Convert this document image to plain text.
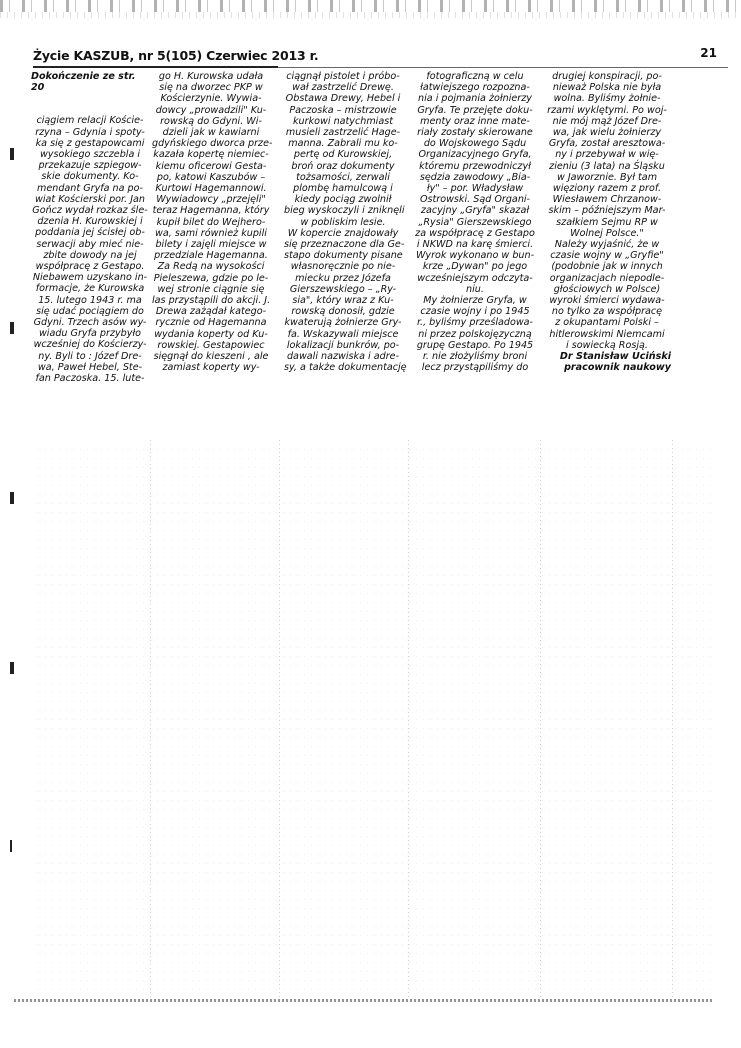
Życie KASZUB, nr 5(105) Czerwiec 2013 r.	21
Dokończenie ze str. 20
ciągiem relacji Koście-
rzyna – Gdynia i spoty-
ka się z gestapowcami
wysokiego szczebla i
przekazuje szpiegow-
skie dokumenty. Ko-
mendant Gryfa na po-
wiat Kościerski por. Jan
Gończ wydał rozkaz śle-
dzenia H. Kurowskiej i
poddania jej ścisłej ob-
serwacji aby mieć nie-
zbite dowody na jej
współpracę z Gestapo.
Niebawem uzyskano in-
formacje, że Kurowska
15. lutego 1943 r. ma
się udać pociągiem do
Gdyni. Trzech asów wy-
wiadu Gryfa przybyło
wcześniej do Kościerzy-
ny. Byli to : Józef Dre-
wa, Paweł Hebel, Ste-
fan Paczoska. 15. lute-
go H. Kurowska udała
się na dworzec PKP w
Kościerzynie. Wywia-
dowcy „prowadzili" Ku-
rowską do Gdyni. Wi-
dzieli jak w kawiarni
gdyńskiego dworca prze-
kazała kopertę niemiec-
kiemu oficerowi Gesta-
po, katowi Kaszubów –
Kurtowi Hagemannowi.
Wywiadowcy „przejęli"
teraz Hagemanna, który
kupił bilet do Wejhero-
wa, sami również kupili
bilety i zajęli miejsce w
przedziale Hagemanna.
Za Redą na wysokości
Pieleszewa, gdzie po le-
wej stronie ciągnie się
las przystąpili do akcji. J.
Drewa zażądał katego-
rycznie od Hagemanna
wydania koperty od Ku-
rowskiej. Gestapowiec
sięgnął do kieszeni , ale
zamiast koperty wy-
ciągnął pistolet i próbo-
wał zastrzelić Drewę.
Obstawa Drewy, Hebel i
Paczoska – mistrzowie
kurkowi natychmiast
musieli zastrzelić Hage-
manna. Zabrali mu ko-
pertę od Kurowskiej,
broń oraz dokumenty
tożsamości, zerwali
plombę hamulcową i
kiedy pociąg zwolnił
bieg wyskoczyli i zniknęli
w pobliskim lesie.
W kopercie znajdowały
się przeznaczone dla Ge-
stapo dokumenty pisane
własnoręcznie po nie-
miecku przez Józefa
Gierszewskiego – „Ry-
sia", który wraz z Ku-
rowską donosił, gdzie
kwaterują żołnierze Gry-
fa. Wskazywali miejsce
lokalizacji bunkrów, po-
dawali nazwiska i adre-
sy, a także dokumentację
fotograficzną w celu
łatwiejszego rozpozna-
nia i pojmania żołnierzy
Gryfa. Te przejęte doku-
menty oraz inne mate-
riały zostały skierowane
do Wojskowego Sądu
Organizacyjnego Gryfa,
któremu przewodniczył
sędzia zawodowy „Bia-
ły" – por. Władysław
Ostrowski. Sąd Organi-
zacyjny „Gryfa" skazał
„Rysia" Gierszewskiego
za współpracę z Gestapo
i NKWD na karę śmierci.
Wyrok wykonano w bun-
krze „Dywan" po jego
wcześniejszym odczyta-
niu.
My żołnierze Gryfa, w
czasie wojny i po 1945
r., byliśmy prześladowa-
ni przez polskojęzyczną
grupę Gestapo. Po 1945
r. nie złożyliśmy broni
lecz przystąpiliśmy do
drugiej konspiracji, po-
nieważ Polska nie była
wolna. Byliśmy żołnie-
rzami wyklętymi. Po woj-
nie mój mąż Józef Dre-
wa, jak wielu żołnierzy
Gryfa, został aresztowa-
ny i przebywał w wię-
zieniu (3 lata) na Śląsku
w Jaworznie. Był tam
więziony razem z prof.
Wiesławem Chrzanow-
skim – późniejszym Mar-
szałkiem Sejmu RP w
Wolnej Polsce."
Należy wyjaśnić, że w
czasie wojny w „Gryfie"
(podobnie jak w innych
organizacjach niepodle-
głościowych w Polsce)
wyroki śmierci wydawa-
no tylko za współpracę
z okupantami Polski –
hitlerowskimi Niemcami
i sowiecką Rosją.

Dr Stanisław Uciński

pracownik naukowy
